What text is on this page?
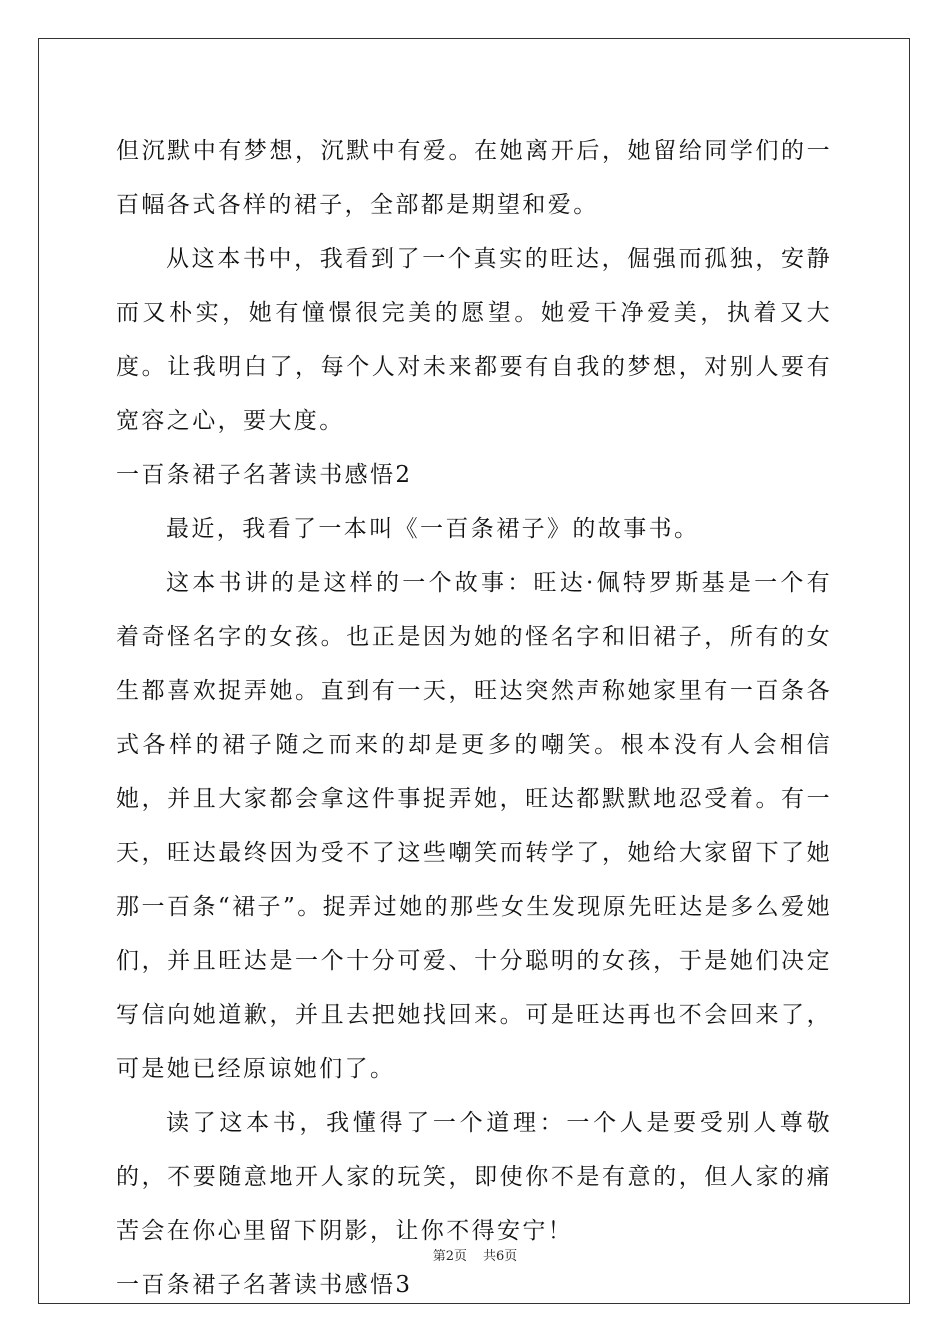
但沉默中有梦想，沉默中有爱。在她离开后，她留给同学们的一百幅各式各样的裙子，全部都是期望和爱。

从这本书中，我看到了一个真实的旺达，倔强而孤独，安静而又朴实，她有憧憬很完美的愿望。她爱干净爱美，执着又大度。让我明白了，每个人对未来都要有自我的梦想，对别人要有宽容之心，要大度。

一百条裙子名著读书感悟2

最近，我看了一本叫《一百条裙子》的故事书。

这本书讲的是这样的一个故事：旺达·佩特罗斯基是一个有着奇怪名字的女孩。也正是因为她的怪名字和旧裙子，所有的女生都喜欢捉弄她。直到有一天，旺达突然声称她家里有一百条各式各样的裙子随之而来的却是更多的嘲笑。根本没有人会相信她，并且大家都会拿这件事捉弄她，旺达都默默地忍受着。有一天，旺达最终因为受不了这些嘲笑而转学了，她给大家留下了她那一百条“裙子”。捉弄过她的那些女生发现原先旺达是多么爱她们，并且旺达是一个十分可爱、十分聪明的女孩，于是她们决定写信向她道歉，并且去把她找回来。可是旺达再也不会回来了，可是她已经原谅她们了。

读了这本书，我懂得了一个道理：一个人是要受别人尊敬的，不要随意地开人家的玩笑，即使你不是有意的，但人家的痛苦会在你心里留下阴影，让你不得安宁！

一百条裙子名著读书感悟3
第2页 共6页
